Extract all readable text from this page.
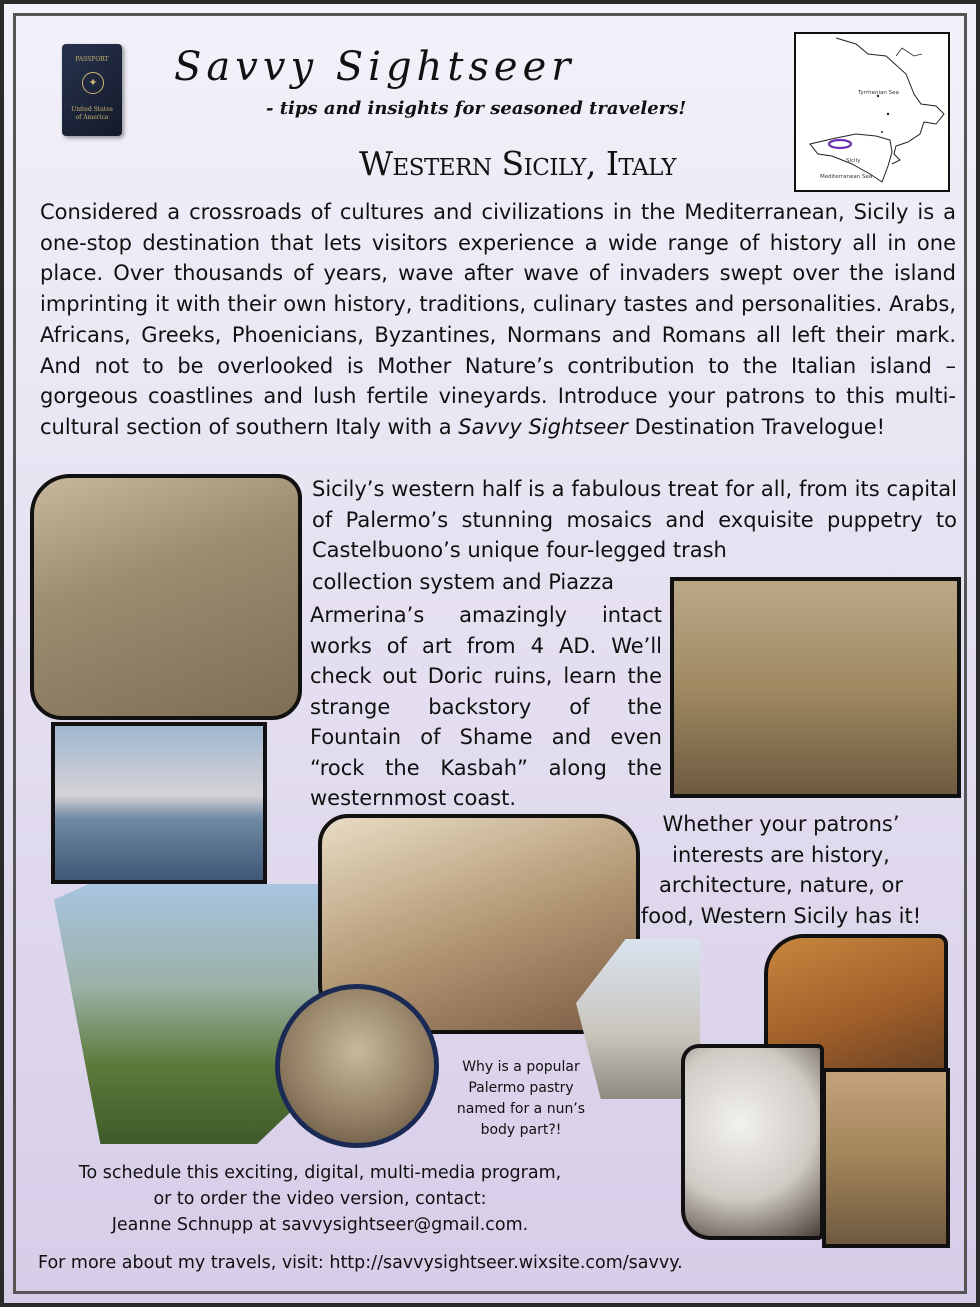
PASSPORT
✦
United States
of America
Savvy Sightseer
- tips and insights for seasoned travelers!
Tyrrhenian Sea
Sicily
Mediterranean Sea
Western Sicily, Italy
Considered a crossroads of cultures and civilizations in the Mediterranean, Sicily is a one-stop destination that lets visitors experience a wide range of history all in one place. Over thousands of years, wave after wave of invaders swept over the island imprinting it with their own history, traditions, culinary tastes and personalities. Arabs, Africans, Greeks, Phoenicians, Byzantines, Normans and Romans all left their mark. And not to be overlooked is Mother Nature’s contribution to the Italian island – gorgeous coastlines and lush fertile vineyards. Introduce your patrons to this multi-cultural section of southern Italy with a Savvy Sightseer Destination Travelogue!
Sicily’s western half is a fabulous treat for all, from its capital of Palermo’s stunning mosaics and exquisite puppetry to Castelbuono’s unique four-legged trash
collection system and Piazza
Armerina’s amazingly intact works of art from 4 AD. We’ll check out Doric ruins, learn the strange backstory of the Fountain of Shame and even “rock the Kasbah” along the westernmost coast.
Whether your patrons’ interests are history, architecture, nature, or food, Western Sicily has it!
Why is a popular Palermo pastry named for a nun’s body part?!
To schedule this exciting, digital, multi-media program,
or to order the video version, contact:
Jeanne Schnupp at savvysightseer@gmail.com.
For more about my travels, visit: http://savvysightseer.wixsite.com/savvy.
